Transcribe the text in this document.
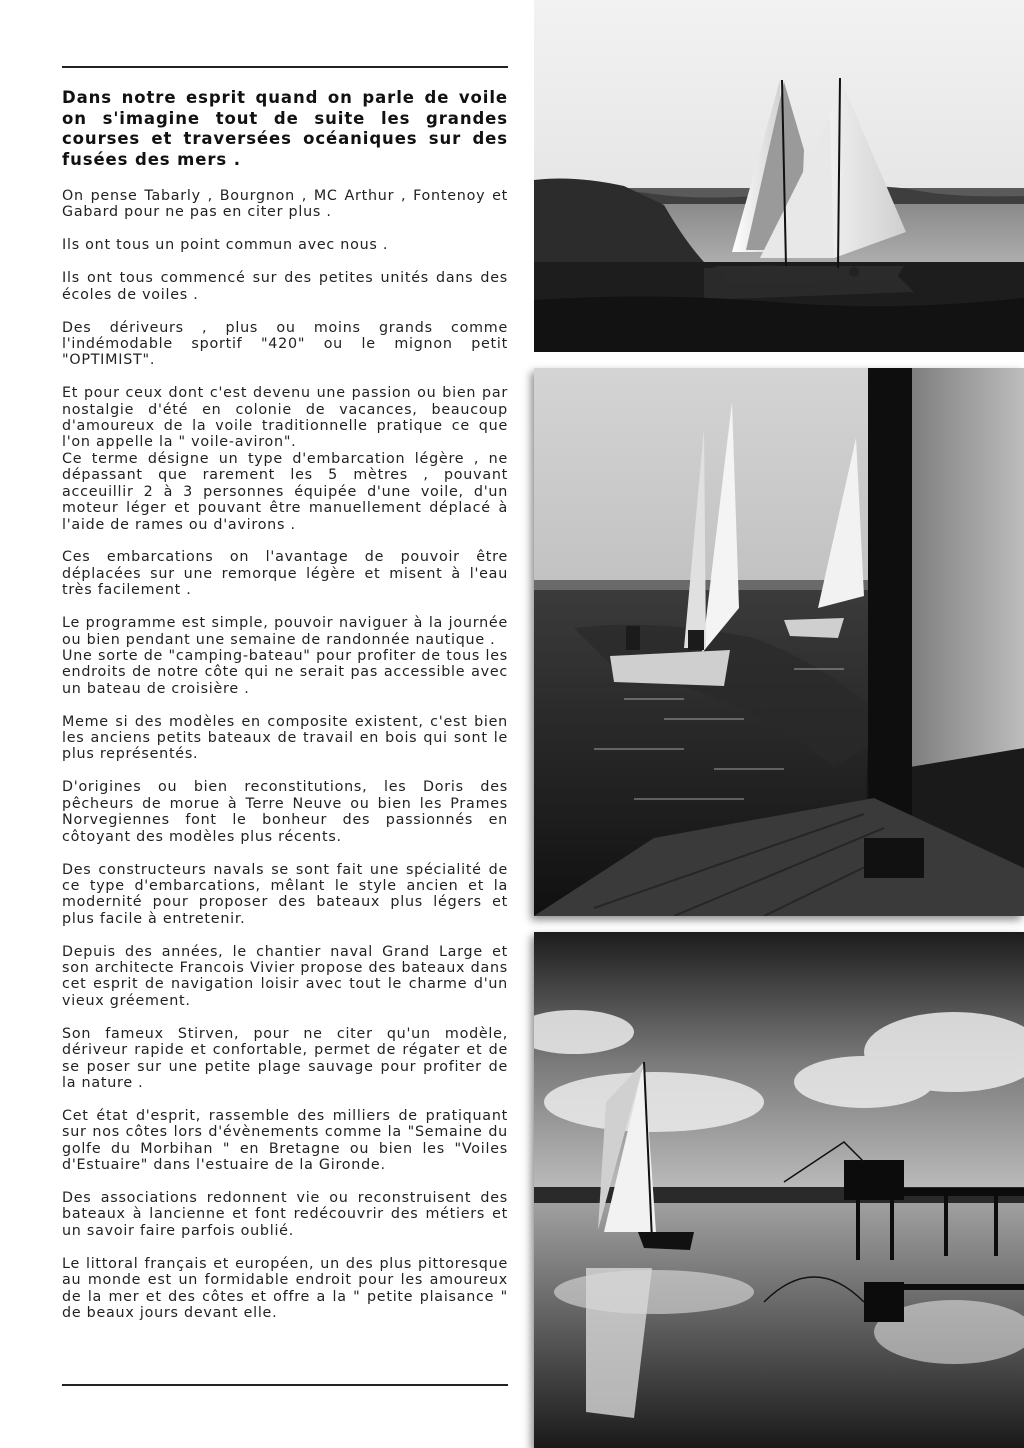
Dans notre esprit quand on parle de voile on s'imagine tout de suite les grandes courses et traversées océaniques sur des fusées des mers .

On pense Tabarly , Bourgnon , MC Arthur , Fontenoy et Gabard pour ne pas en citer plus .

Ils ont tous un point commun avec nous .

Ils ont tous commencé sur des petites unités dans des écoles de voiles .

Des dériveurs , plus ou moins grands comme l'indémodable sportif "420" ou le mignon petit "OPTIMIST".

Et pour ceux dont c'est devenu une passion ou bien par nostalgie d'été en colonie de vacances, beaucoup d'amoureux de la voile traditionnelle pratique ce que l'on appelle la " voile-aviron".
Ce terme désigne un type d'embarcation légère , ne dépassant que rarement les 5 mètres , pouvant acceuillir 2 à 3 personnes équipée d'une voile, d'un moteur léger et pouvant être manuellement déplacé à l'aide de rames ou d'avirons .

Ces embarcations on l'avantage de pouvoir être déplacées sur une remorque légère et misent à l'eau très facilement .

Le programme est simple, pouvoir naviguer à la journée ou bien pendant une semaine de randonnée nautique .
Une sorte de "camping-bateau" pour profiter de tous les endroits de notre côte qui ne serait pas accessible avec un bateau de croisière .

Meme si des modèles en composite existent, c'est bien les anciens petits bateaux de travail en bois qui sont le plus représentés.

D'origines ou bien reconstitutions, les Doris des pêcheurs de morue à Terre Neuve ou bien les Prames Norvegiennes font le bonheur des passionnés en côtoyant des modèles plus récents.

Des constructeurs navals se sont fait une spécialité de ce type d'embarcations, mêlant le style ancien et la modernité pour proposer des bateaux plus légers et plus facile à entretenir.

Depuis des années, le chantier naval Grand Large et son architecte Francois Vivier propose des bateaux dans cet esprit de navigation loisir avec tout le charme d'un vieux gréement.

Son fameux Stirven, pour ne citer qu'un modèle, dériveur rapide et confortable, permet de régater et de se poser sur une petite plage sauvage pour profiter de la nature .

Cet état d'esprit, rassemble des milliers de pratiquant sur nos côtes lors d'évènements comme la "Semaine du golfe du Morbihan " en Bretagne ou bien les "Voiles d'Estuaire" dans l'estuaire de la Gironde.

Des associations redonnent vie ou reconstruisent des bateaux à lancienne et font redécouvrir des métiers et un savoir faire parfois oublié.

Le littoral français et européen, un des plus pittoresque au monde est un formidable endroit pour les amoureux de la mer et des côtes et offre a la " petite plaisance " de beaux jours devant elle.
